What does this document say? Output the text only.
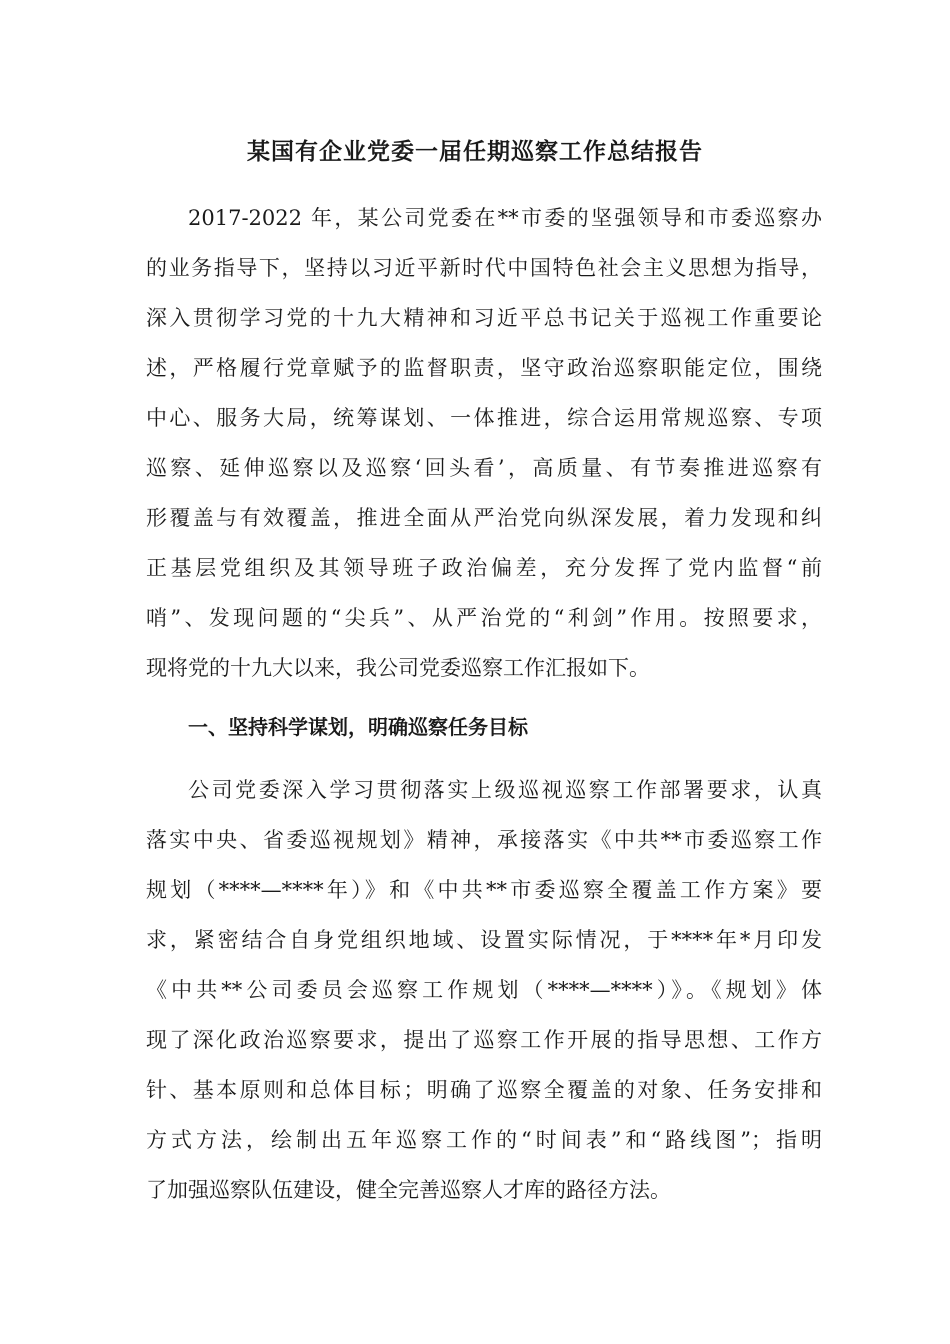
某国有企业党委一届任期巡察工作总结报告

2017-2022 年，某公司党委在**市委的坚强领导和市委巡察办

的业务指导下，坚持以习近平新时代中国特色社会主义思想为指导，

深入贯彻学习党的十九大精神和习近平总书记关于巡视工作重要论

述，严格履行党章赋予的监督职责，坚守政治巡察职能定位，围绕

中心、服务大局，统筹谋划、一体推进，综合运用常规巡察、专项

巡察、延伸巡察以及巡察‘回头看’，高质量、有节奏推进巡察有

形覆盖与有效覆盖，推进全面从严治党向纵深发展，着力发现和纠

正基层党组织及其领导班子政治偏差，充分发挥了党内监督“前

哨”、发现问题的“尖兵”、从严治党的“利剑”作用。按照要求，

现将党的十九大以来，我公司党委巡察工作汇报如下。

一、坚持科学谋划，明确巡察任务目标

公司党委深入学习贯彻落实上级巡视巡察工作部署要求，认真

落实中央、省委巡视规划》精神，承接落实《中共**市委巡察工作

规划（****—****年）》和《中共**市委巡察全覆盖工作方案》要

求，紧密结合自身党组织地域、设置实际情况，于****年*月印发

《中共**公司委员会巡察工作规划（****—****）》。《规划》体

现了深化政治巡察要求，提出了巡察工作开展的指导思想、工作方

针、基本原则和总体目标；明确了巡察全覆盖的对象、任务安排和

方式方法，绘制出五年巡察工作的“时间表”和“路线图”；指明

了加强巡察队伍建设，健全完善巡察人才库的路径方法。
